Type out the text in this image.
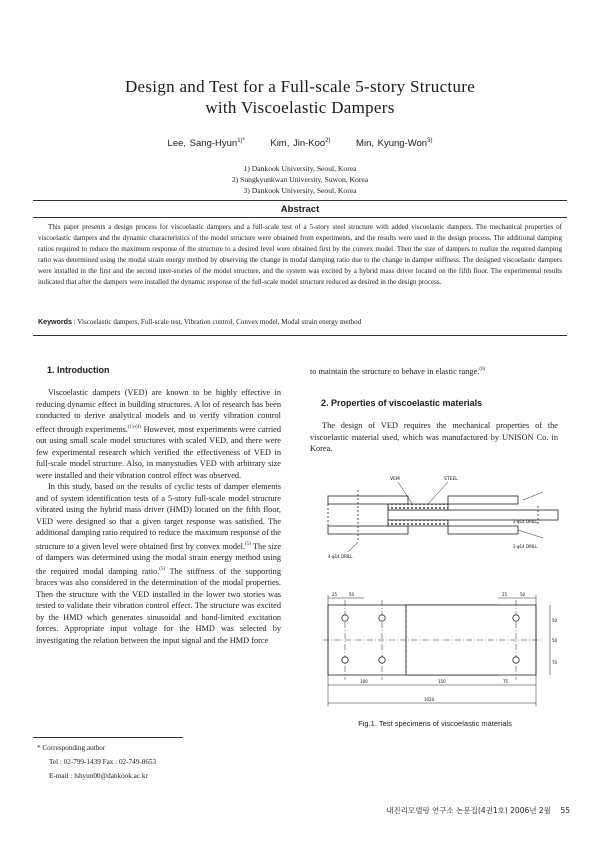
Design and Test for a Full-scale 5-story Structure
with Viscoelastic Dampers
Lee, Sang-Hyun$^{1)*}$	Kim, Jin-Koo$^{2)}$	Min, Kyung-Won$^{3)}$
1) Dankook University, Seoul, Korea
2) Sungkyunkwan University, Suwon, Korea
3) Dankook University, Seoul, Korea
Abstract
This paper presents a design process for viscoelastic dampers and a full-scale test of a 5-story steel structure with added viscoelastic dampers. The mechanical properties of viscoelastic dampers and the dynamic characteristics of the model structure were obtained from experiments, and the results were used in the design process. The additional damping ratios required to reduce the maximum response of the structure to a desired level were obtained first by the convex model. Then the size of dampers to realize the required damping ratio was determined using the modal strain energy method by observing the change in modal damping ratio due to the change in damper stiffness. The designed viscoelastic dampers were installed in the first and the second inter-stories of the model structure, and the system was excited by a hybrid mass driver located on the fifth floor. The experimental results indicated that after the dampers were installed the dynamic response of the full-scale model structure reduced as desired in the design process.
Keywords : Viscoelastic dampers, Full-scale test, Vibration control, Convex model, Modal strain energy method
1. Introduction

Viscoelastic dampers (VED) are known to be highly effective in reducing dynamic effect in building structures. A lot of research has been conducted to derive analytical models and to verify vibration control effect through experiments.$^{(1)-(4)}$ However, most experiments were carried out using small scale model structures with scaled VED, and there were few experimental research which verified the effectiveness of VED in full-scale model structure. Also, in manystudies VED with arbitrary size were installed and their vibration control effect was observed.

In this study, based on the results of cyclic tests of damper elements and of system identification tests of a 5-story full-scale model structure vibrated using the hybrid mass driver (HMD) located on the fifth floor, VED were designed so that a given target response was satisfied. The additional damping ratio required to reduce the maximum response of the structure to a given level were obtained first by convex model.$^{(5)}$ The size of dampers was determined using the modal strain energy method using the required modal damping ratio.$^{(5)}$ The stiffness of the supporting braces was also considered in the determination of the modal properties. Then the structure with the VED installed in the lower two stories was tested to validate their vibration control effect. The structure was excited by the HMD which generates sinusoidal and band-limited excitation forces. Appropriate input voltage for the HMD was selected by investigating the relation between the input signal and the HMD force

* Corresponding author
Tel : 02-799-1439 Fax : 02-749-8653
E-mail : lshyun00@dankook.ac.kr
to maintain the structure to behave in elastic range.$^{(6)}$
2. Properties of viscoelastic materials

The design of VED requires the mechanical properties of the viscoelastic material used, which was manufactured by UNISON Co. in Korea.

VEM	STEEL
2-φ14 DRILL
4-φ14 DRILL
2-φ14 DRILL
25	50	25	50
100	150	75
1020
50
50
70
Fig.1. Test specimens of viscoelastic materials
내진리모델링 연구소 논문집(4권1호) 2006년 2월 55
